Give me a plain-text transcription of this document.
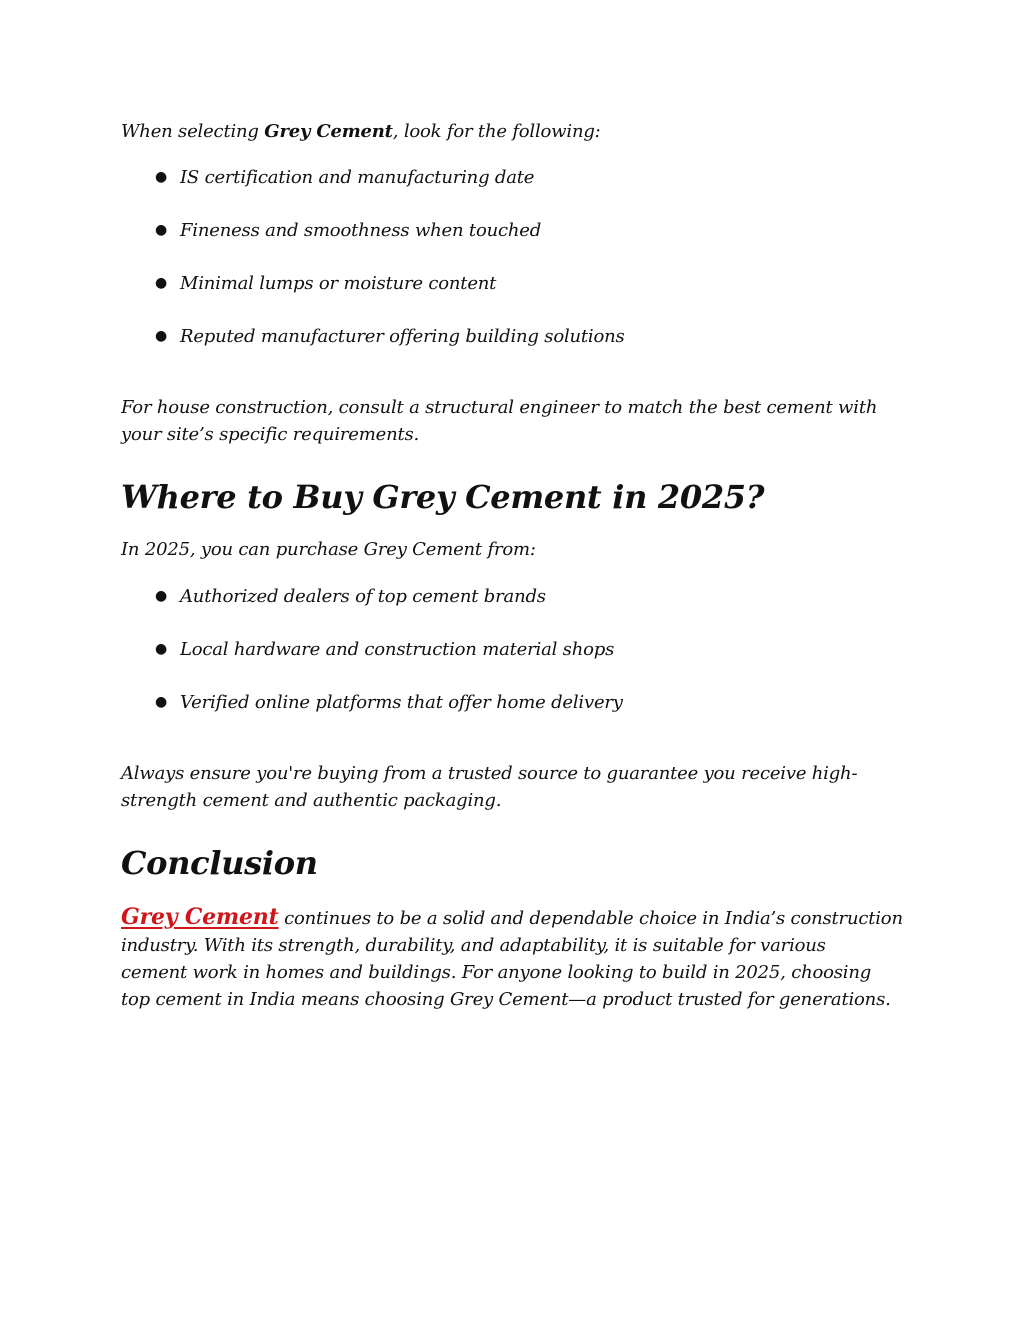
When selecting Grey Cement, look for the following:

● IS certification and manufacturing date
● Fineness and smoothness when touched
● Minimal lumps or moisture content
● Reputed manufacturer offering building solutions

For house construction, consult a structural engineer to match the best cement with

your site’s specific requirements.

Where to Buy Grey Cement in 2025?

In 2025, you can purchase Grey Cement from:

● Authorized dealers of top cement brands
● Local hardware and construction material shops
● Verified online platforms that offer home delivery

Always ensure you're buying from a trusted source to guarantee you receive high-

strength cement and authentic packaging.

Conclusion

Grey Cement continues to be a solid and dependable choice in India’s construction

industry. With its strength, durability, and adaptability, it is suitable for various

cement work in homes and buildings. For anyone looking to build in 2025, choosing

top cement in India means choosing Grey Cement—a product trusted for generations.
